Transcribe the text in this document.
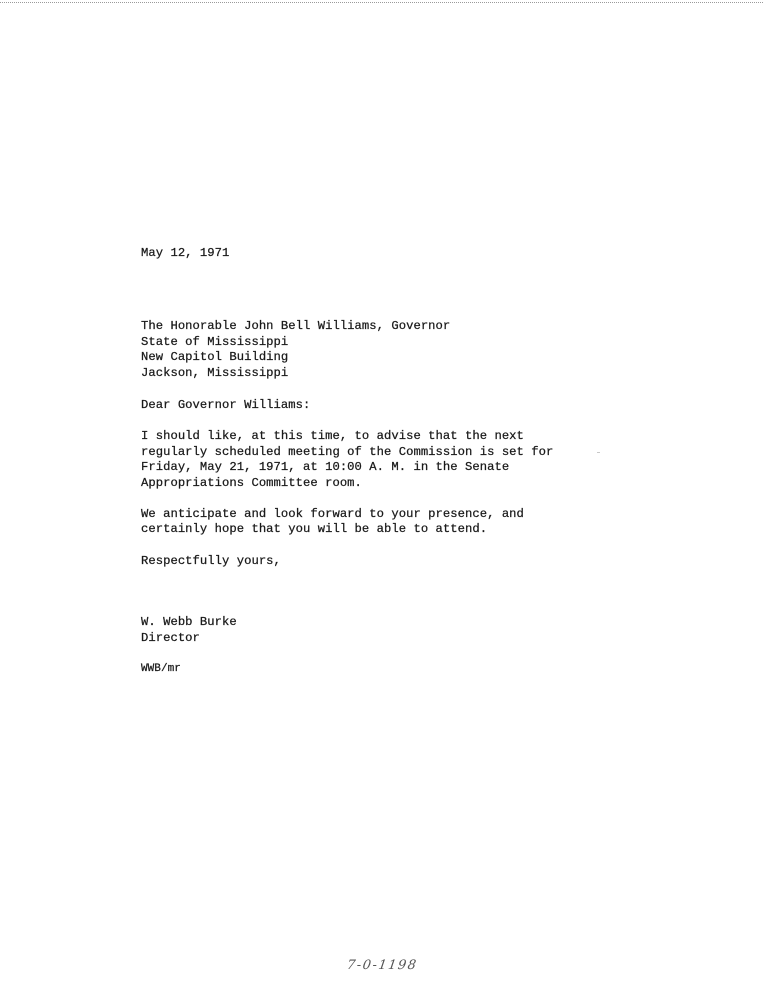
May 12, 1971
The Honorable John Bell Williams, Governor
State of Mississippi
New Capitol Building
Jackson, Mississippi
Dear Governor Williams:
I should like, at this time, to advise that the next
regularly scheduled meeting of the Commission is set for
Friday, May 21, 1971, at 10:00 A. M. in the Senate
Appropriations Committee room.
We anticipate and look forward to your presence, and
certainly hope that you will be able to attend.
Respectfully yours,
W. Webb Burke
Director
WWB/mr
7-0-1198
